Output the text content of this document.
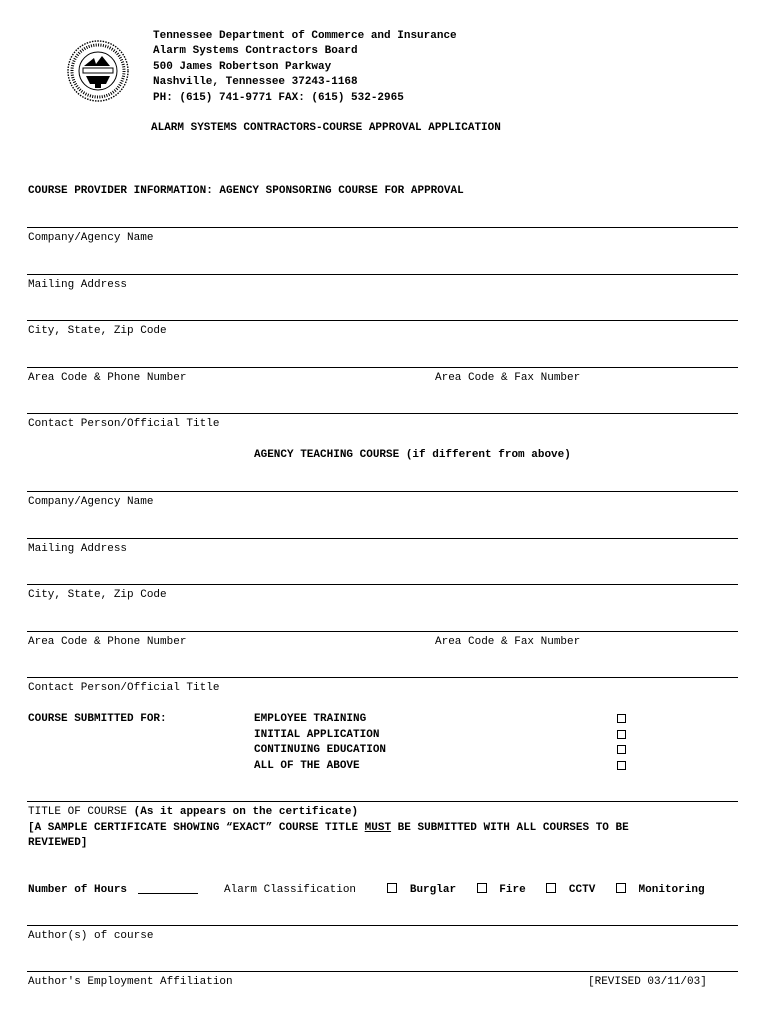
Tennessee Department of Commerce and Insurance
Alarm Systems Contractors Board
500 James Robertson Parkway
Nashville, Tennessee 37243-1168
PH: (615) 741-9771 FAX: (615) 532-2965
ALARM SYSTEMS CONTRACTORS-COURSE APPROVAL APPLICATION
COURSE PROVIDER INFORMATION: AGENCY SPONSORING COURSE FOR APPROVAL
Company/Agency Name
Mailing Address
City, State, Zip Code
Area Code & Phone Number	Area Code & Fax Number
Contact Person/Official Title
AGENCY TEACHING COURSE (if different from above)
Company/Agency Name
Mailing Address
City, State, Zip Code
Area Code & Phone Number	Area Code & Fax Number
Contact Person/Official Title
COURSE SUBMITTED FOR:	EMPLOYEE TRAINING
INITIAL APPLICATION
CONTINUING EDUCATION
ALL OF THE ABOVE
TITLE OF COURSE (As it appears on the certificate)
[A SAMPLE CERTIFICATE SHOWING “EXACT” COURSE TITLE MUST BE SUBMITTED WITH ALL COURSES TO BE
REVIEWED]
Number of Hours	Alarm Classification	Burglar	Fire	CCTV	Monitoring
Author(s) of course
Author's Employment Affiliation	[REVISED 03/11/03]
